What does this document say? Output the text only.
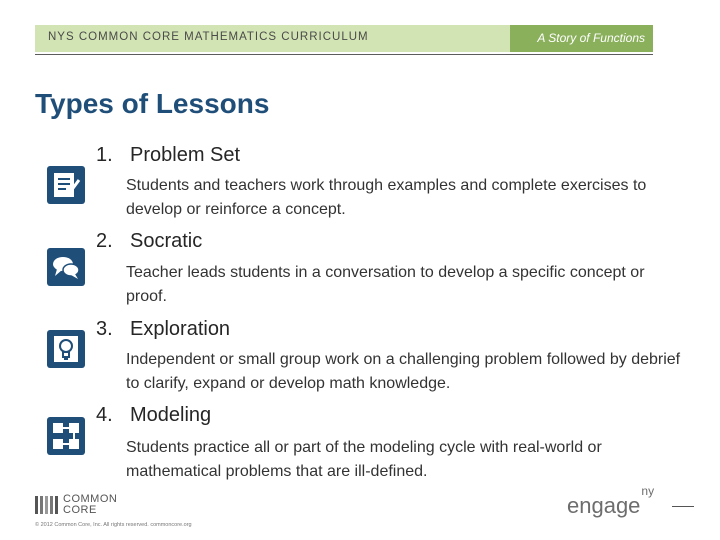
NYS COMMON CORE MATHEMATICS CURRICULUM	A Story of Functions
Types of Lessons
1. Problem Set
Students and teachers work through examples and complete exercises to develop or reinforce a concept.
2. Socratic
Teacher leads students in a conversation to develop a specific concept or proof.
3. Exploration
Independent or small group work on a challenging problem followed by debrief to clarify, expand or develop math knowledge.
4. Modeling
Students practice all or part of the modeling cycle with real-world or mathematical problems that are ill-defined.
COMMON
CORE
© 2012 Common Core, Inc. All rights reserved. commoncore.org
engage$^{ny}$
